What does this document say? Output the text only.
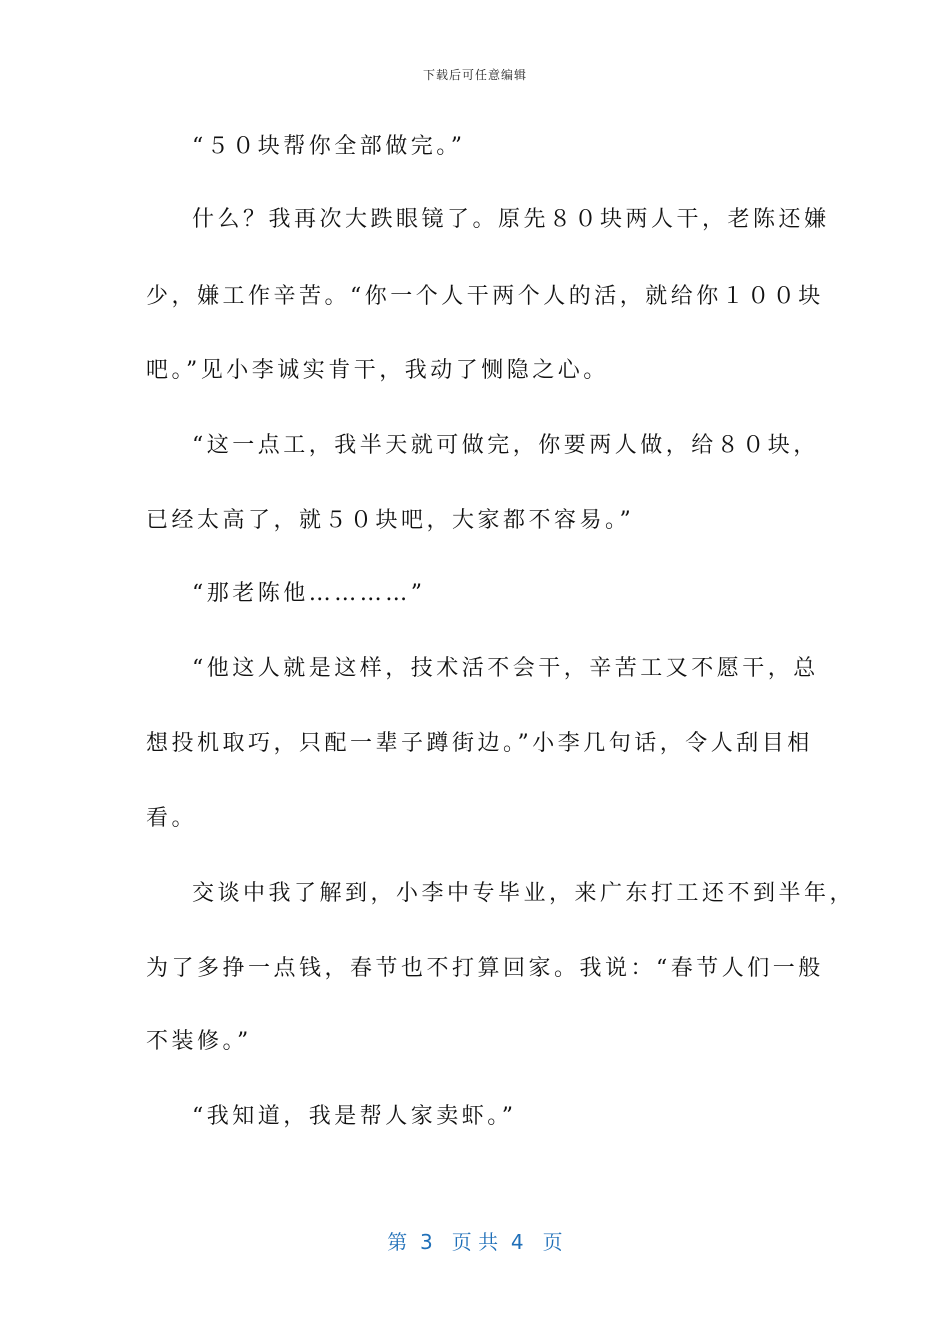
下载后可任意编辑
“５０块帮你全部做完。”
什么？我再次大跌眼镜了。原先８０块两人干，老陈还嫌
少，嫌工作辛苦。“你一个人干两个人的活，就给你１００块
吧。”见小李诚实肯干，我动了恻隐之心。
“这一点工，我半天就可做完，你要两人做，给８０块，
已经太高了，就５０块吧，大家都不容易。”
“那老陈他…………”
“他这人就是这样，技术活不会干，辛苦工又不愿干，总
想投机取巧，只配一辈子蹲街边。”小李几句话，令人刮目相
看。
交谈中我了解到，小李中专毕业，来广东打工还不到半年，
为了多挣一点钱，春节也不打算回家。我说：“春节人们一般
不装修。”
“我知道，我是帮人家卖虾。”
第  3   页 共  4   页
